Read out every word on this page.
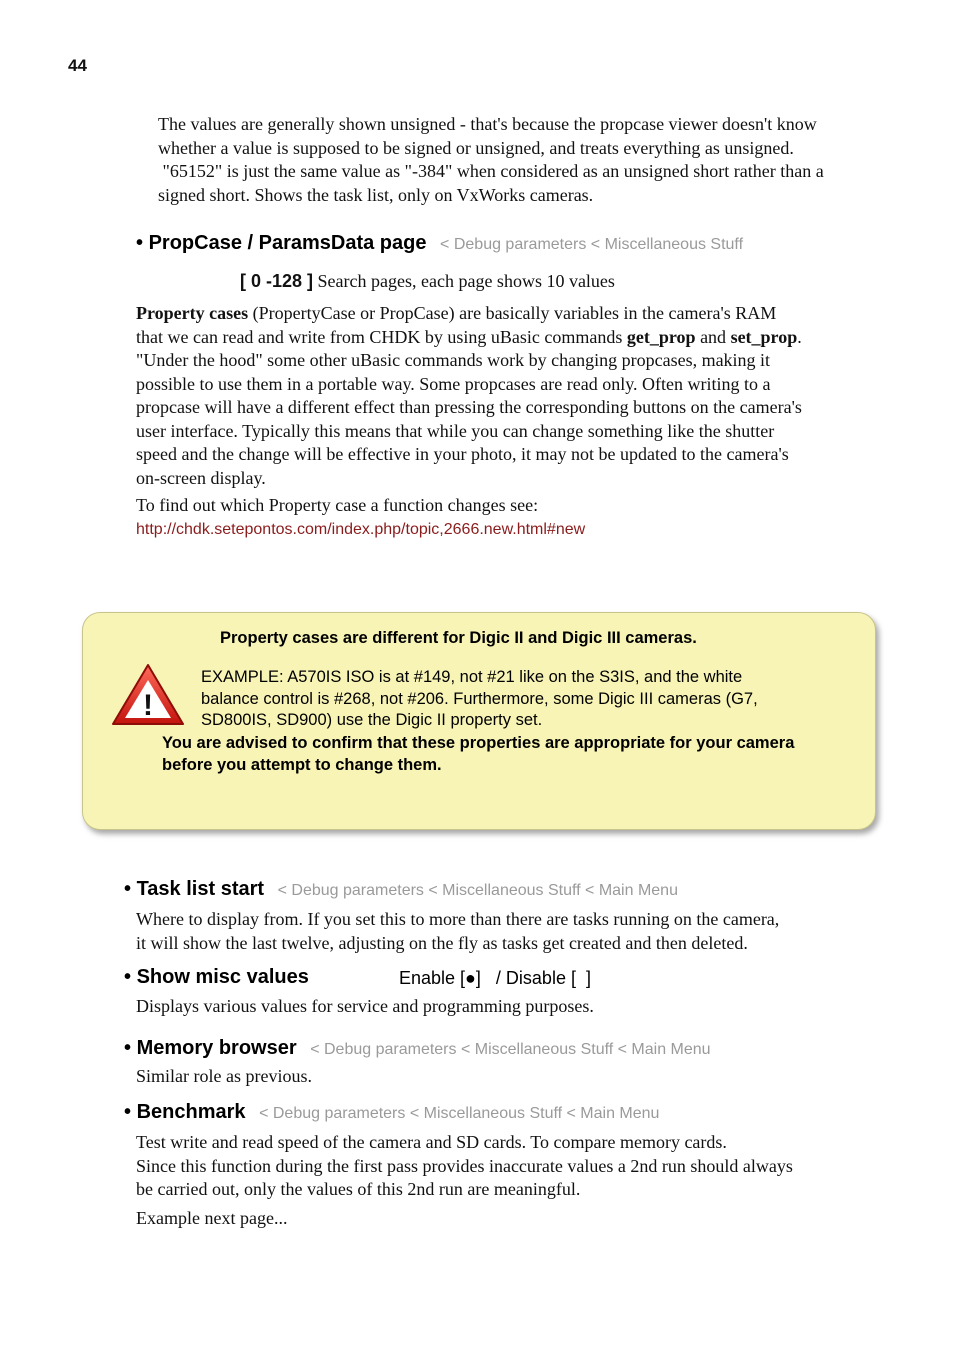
44
The values are generally shown unsigned - that's because the propcase viewer doesn't know
whether a value is supposed to be signed or unsigned, and treats everything as unsigned.
"65152" is just the same value as "-384" when considered as an unsigned short rather than a
signed short. Shows the task list, only on VxWorks cameras.
• PropCase / ParamsData page < Debug parameters < Miscellaneous Stuff
[ 0 -128 ] Search pages, each page shows 10 values
Property cases (PropertyCase or PropCase) are basically variables in the camera's RAM
that we can read and write from CHDK by using uBasic commands get_prop and set_prop.
"Under the hood" some other uBasic commands work by changing propcases, making it
possible to use them in a portable way. Some propcases are read only. Often writing to a
propcase will have a different effect than pressing the corresponding buttons on the camera's
user interface. Typically this means that while you can change something like the shutter
speed and the change will be effective in your photo, it may not be updated to the camera's
on-screen display.
To find out which Property case a function changes see:
http://chdk.setepontos.com/index.php/topic,2666.new.html#new
!
Property cases are different for Digic II and Digic III cameras.
EXAMPLE: A570IS ISO is at #149, not #21 like on the S3IS, and the white
balance control is #268, not #206. Furthermore, some Digic III cameras (G7,
SD800IS, SD900) use the Digic II property set.
You are advised to confirm that these properties are appropriate for your camera
before you attempt to change them.
• Task list start < Debug parameters < Miscellaneous Stuff < Main Menu
Where to display from. If you set this to more than there are tasks running on the camera,
it will show the last twelve, adjusting on the fly as tasks get created and then deleted.
• Show misc values	Enable [●]   / Disable [  ]
Displays various values for service and programming purposes.
• Memory browser < Debug parameters < Miscellaneous Stuff < Main Menu
Similar role as previous.
• Benchmark < Debug parameters < Miscellaneous Stuff < Main Menu
Test write and read speed of the camera and SD cards. To compare memory cards.
Since this function during the first pass provides inaccurate values a 2nd run should always
be carried out, only the values of this 2nd run are meaningful.
Example next page...
